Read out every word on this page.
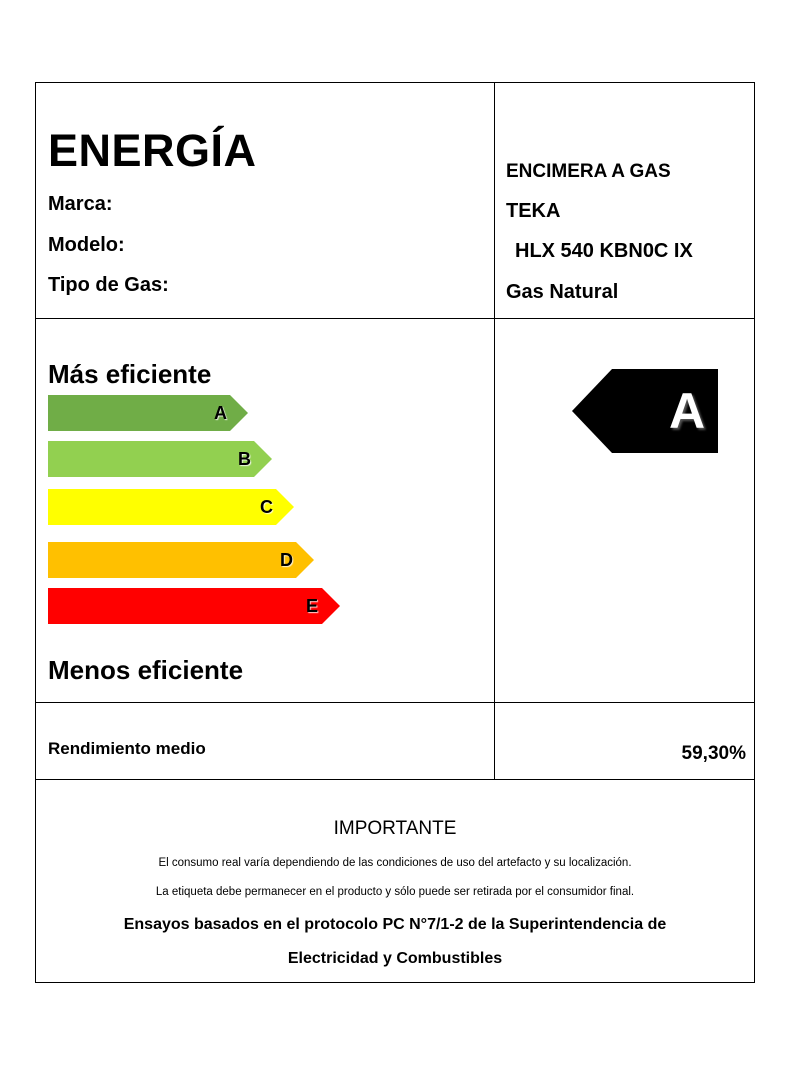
ENERGÍA
Marca:
Modelo:
Tipo de Gas:
ENCIMERA A GAS
TEKA
HLX 540 KBN0C IX
Gas Natural
Más eficiente
Menos eficiente
A
B
C
D
E
A
Rendimiento medio	59,30%
IMPORTANTE
El consumo real varía dependiendo de las condiciones de uso del artefacto y su localización.
La etiqueta debe permanecer en el producto y sólo puede ser retirada por el consumidor final.
Ensayos basados en el protocolo PC N°7/1-2 de la Superintendencia de
Electricidad y Combustibles
